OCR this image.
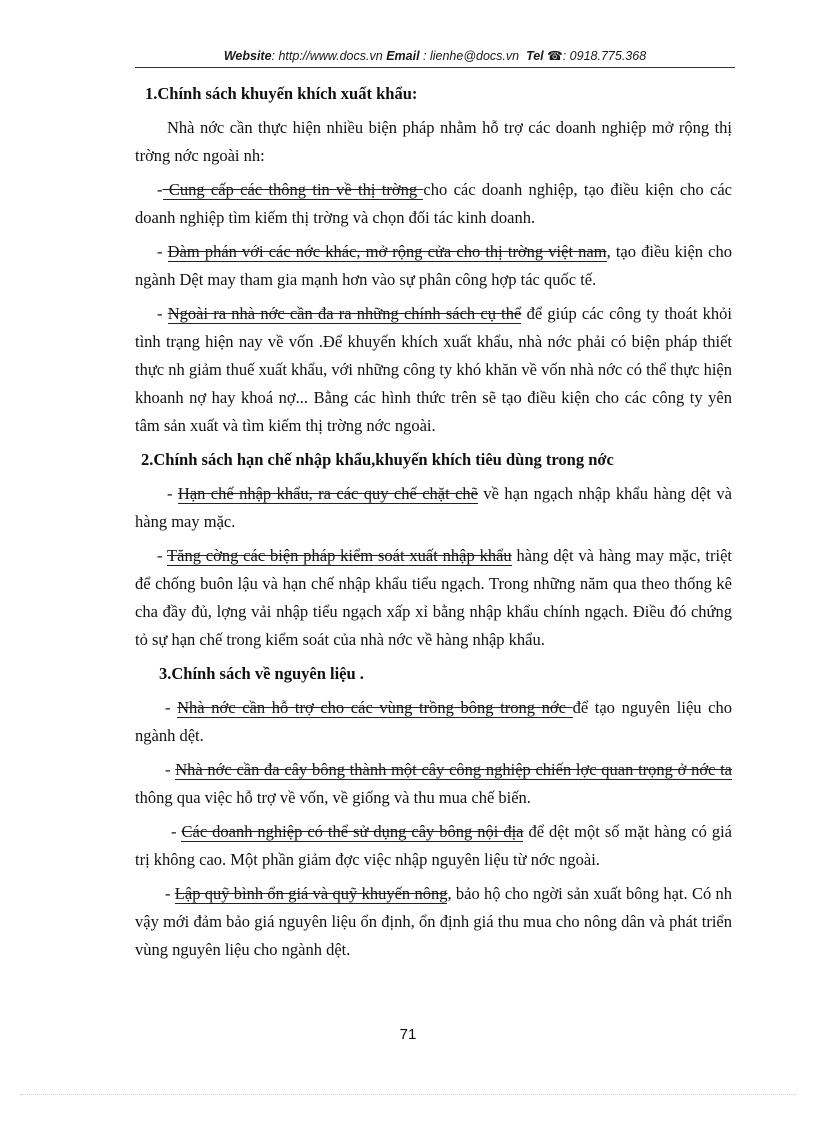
Website: http://www.docs.vn Email : lienhe@docs.vn Tel ☎: 0918.775.368

1.Chính sách khuyến khích xuất khẩu:

Nhà nớc cần thực hiện nhiều biện pháp nhằm hỗ trợ các doanh nghiệp mở rộng thị trờng nớc ngoài nh:

- Cung cấp các thông tin về thị trờng cho các doanh nghiệp, tạo điều kiện cho các doanh nghiệp tìm kiếm thị trờng và chọn đối tác kinh doanh.

- Đàm phán với các nớc khác, mở rộng cửa cho thị trờng việt nam, tạo điều kiện cho ngành Dệt may tham gia mạnh hơn vào sự phân công hợp tác quốc tế.

- Ngoài ra nhà nớc cần đa ra những chính sách cụ thể để giúp các công ty thoát khỏi tình trạng hiện nay về vốn .Để khuyến khích xuất khẩu, nhà nớc phải có biện pháp thiết thực nh giảm thuế xuất khẩu, với những công ty khó khăn về vốn nhà nớc có thể thực hiện khoanh nợ hay khoá nợ... Bằng các hình thức trên sẽ tạo điều kiện cho các công ty yên tâm sản xuất và tìm kiếm thị trờng nớc ngoài.

2.Chính sách hạn chế nhập khẩu,khuyến khích tiêu dùng trong nớc

- Hạn chế nhập khẩu, ra các quy chế chặt chẽ về hạn ngạch nhập khẩu hàng dệt và hàng may mặc.

- Tăng cờng các biện pháp kiểm soát xuất nhập khẩu hàng dệt và hàng may mặc, triệt để chống buôn lậu và hạn chế nhập khẩu tiểu ngạch. Trong những năm qua theo thống kê cha đầy đủ, lợng vải nhập tiểu ngạch xấp xỉ bằng nhập khẩu chính ngạch. Điều đó chứng tỏ sự hạn chế trong kiểm soát của nhà nớc về hàng nhập khẩu.

3.Chính sách về nguyên liệu .

- Nhà nớc cần hỗ trợ cho các vùng trồng bông trong nớc để tạo nguyên liệu cho ngành dệt.

- Nhà nớc cần đa cây bông thành một cây công nghiệp chiến lợc quan trọng ở nớc ta thông qua việc hỗ trợ về vốn, về giống và thu mua chế biến.

- Các doanh nghiệp có thể sử dụng cây bông nội địa để dệt một số mặt hàng có giá trị không cao. Một phần giảm đợc việc nhập nguyên liệu từ nớc ngoài.

- Lập quỹ bình ổn giá và quỹ khuyến nông, bảo hộ cho ngời sản xuất bông hạt. Có nh vậy mới đảm bảo giá nguyên liệu ổn định, ổn định giá thu mua cho nông dân và phát triển vùng nguyên liệu cho ngành dệt.

71
